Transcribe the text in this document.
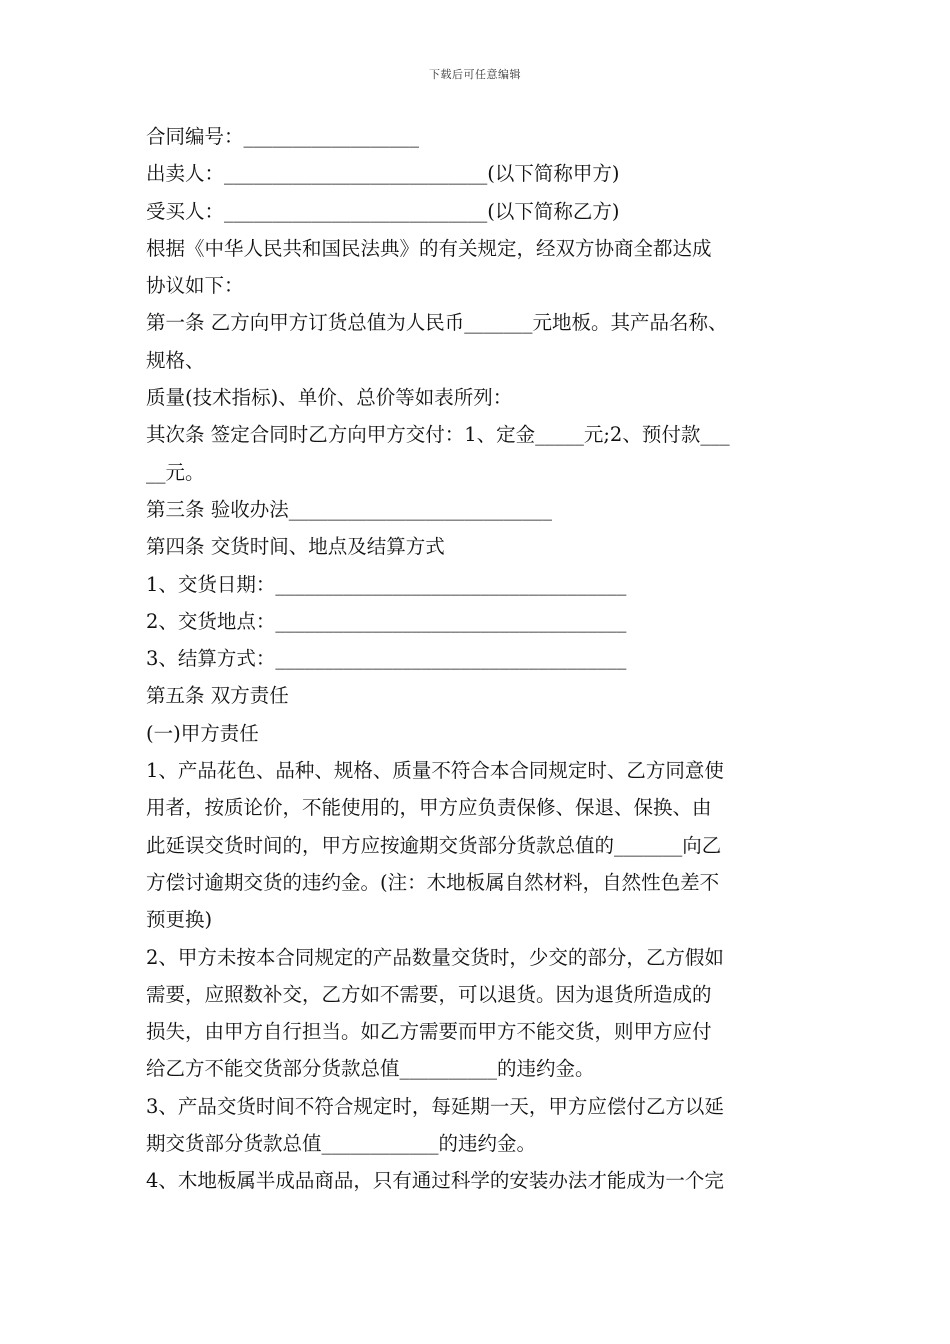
下载后可任意编辑

合同编号：__________________

出卖人：___________________________(以下简称甲方)

受买人：___________________________(以下简称乙方)

根据《中华人民共和国民法典》的有关规定，经双方协商全都达成

协议如下：

第一条 乙方向甲方订货总值为人民币_______元地板。其产品名称、

规格、

质量(技术指标)、单价、总价等如表所列：

其次条 签定合同时乙方向甲方交付：1、定金_____元;2、预付款___

__元。

第三条 验收办法___________________________

第四条 交货时间、地点及结算方式

1、交货日期：____________________________________

2、交货地点：____________________________________

3、结算方式：____________________________________

第五条 双方责任

(一)甲方责任

1、产品花色、品种、规格、质量不符合本合同规定时、乙方同意使

用者，按质论价，不能使用的，甲方应负责保修、保退、保换、由

此延误交货时间的，甲方应按逾期交货部分货款总值的_______向乙

方偿讨逾期交货的违约金。(注：木地板属自然材料，自然性色差不

预更换)

2、甲方未按本合同规定的产品数量交货时，少交的部分，乙方假如

需要，应照数补交，乙方如不需要，可以退货。因为退货所造成的

损失，由甲方自行担当。如乙方需要而甲方不能交货，则甲方应付

给乙方不能交货部分货款总值__________的违约金。

3、产品交货时间不符合规定时，每延期一天，甲方应偿付乙方以延

期交货部分货款总值____________的违约金。

4、木地板属半成品商品，只有通过科学的安装办法才能成为一个完
